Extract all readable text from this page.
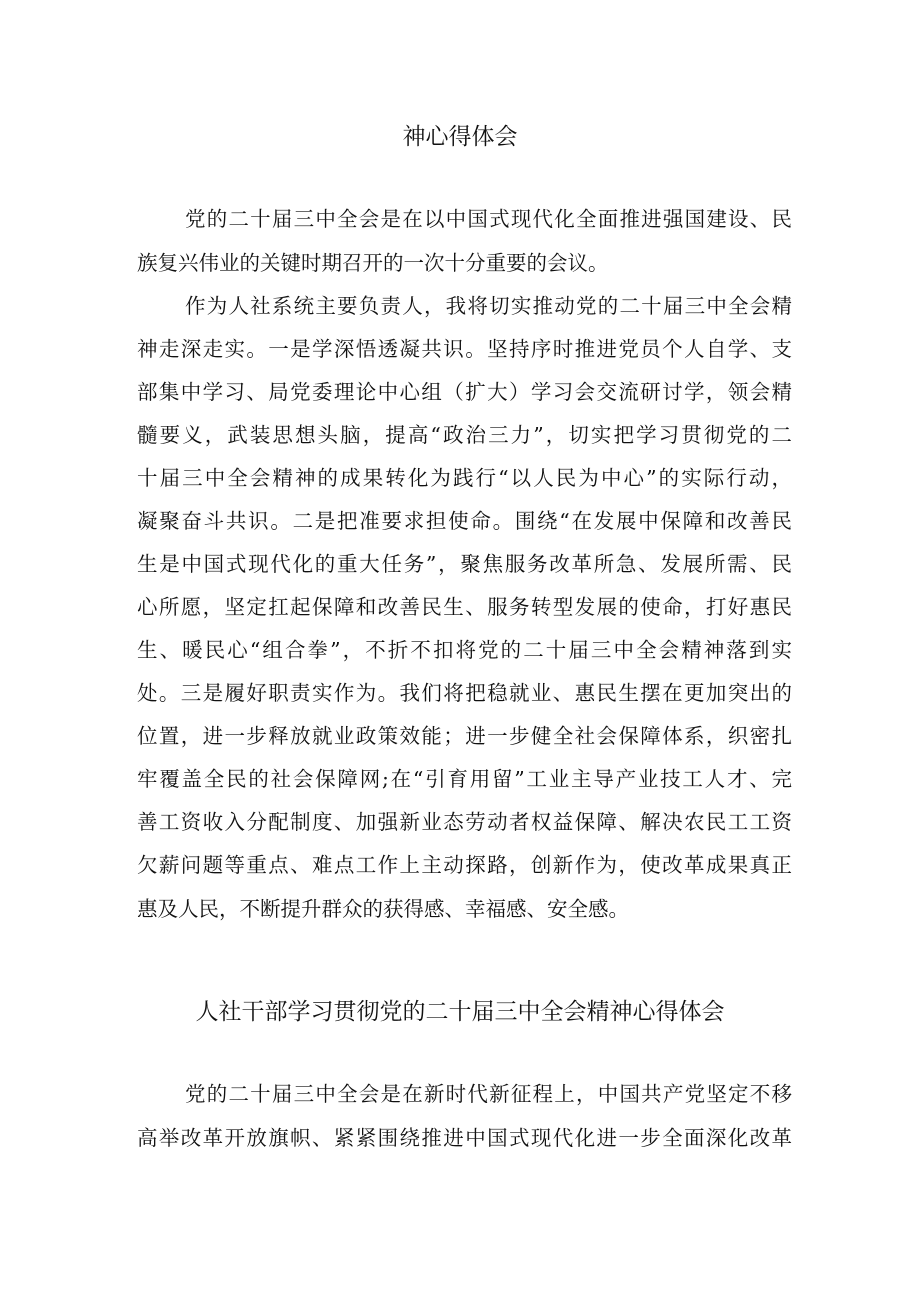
神心得体会
党的二十届三中全会是在以中国式现代化全面推进强国建设、民
族复兴伟业的关键时期召开的一次十分重要的会议。
作为人社系统主要负责人，我将切实推动党的二十届三中全会精
神走深走实。一是学深悟透凝共识。坚持序时推进党员个人自学、支
部集中学习、局党委理论中心组（扩大）学习会交流研讨学，领会精
髓要义，武装思想头脑，提高“政治三力”，切实把学习贯彻党的二
十届三中全会精神的成果转化为践行“以人民为中心”的实际行动，
凝聚奋斗共识。二是把准要求担使命。围绕“在发展中保障和改善民
生是中国式现代化的重大任务”，聚焦服务改革所急、发展所需、民
心所愿，坚定扛起保障和改善民生、服务转型发展的使命，打好惠民
生、暖民心“组合拳”，不折不扣将党的二十届三中全会精神落到实
处。三是履好职责实作为。我们将把稳就业、惠民生摆在更加突出的
位置，进一步释放就业政策效能；进一步健全社会保障体系，织密扎
牢覆盖全民的社会保障网;在“引育用留”工业主导产业技工人才、完
善工资收入分配制度、加强新业态劳动者权益保障、解决农民工工资
欠薪问题等重点、难点工作上主动探路，创新作为，使改革成果真正
惠及人民，不断提升群众的获得感、幸福感、安全感。
人社干部学习贯彻党的二十届三中全会精神心得体会
党的二十届三中全会是在新时代新征程上，中国共产党坚定不移
高举改革开放旗帜、紧紧围绕推进中国式现代化进一步全面深化改革
